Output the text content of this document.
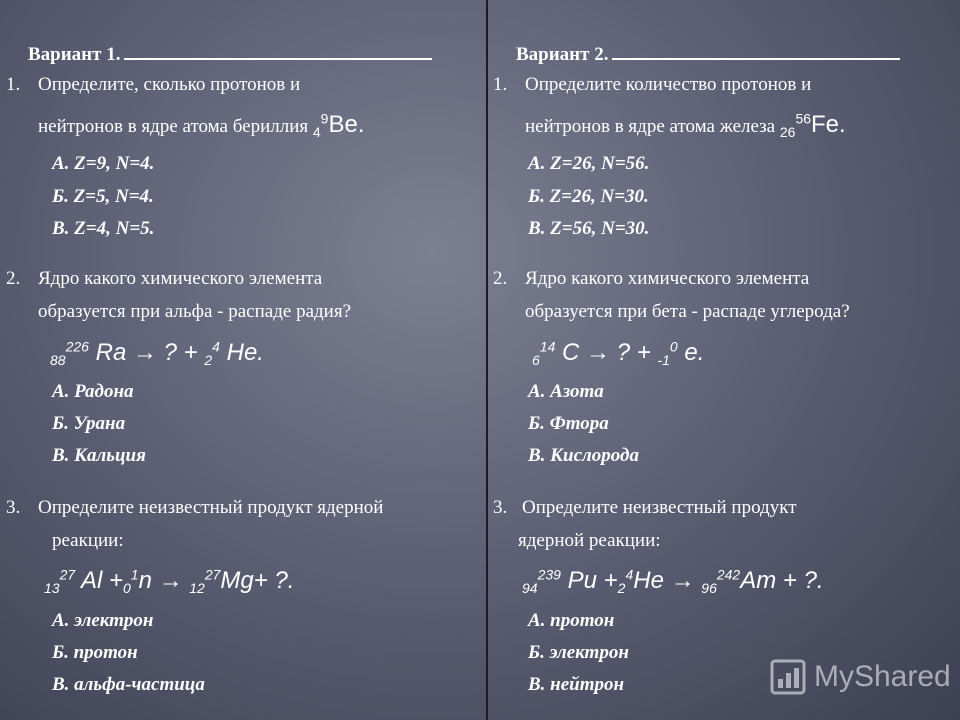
Вариант 1.
1. Определите, сколько протонов и
нейтронов в ядре атома бериллия $_4^9$Be.
А. Z=9, N=4.
Б. Z=5, N=4.
В. Z=4, N=5.
2. Ядро какого химического элемента
образуется при альфа - распаде радия?
$_{88}^{226}$ Ra → ? + $_2^4$ He.
А. Радона
Б. Урана
В. Кальция
3. Определите неизвестный продукт ядерной
реакции:
$_{13}^{27}$ $Al +_0^1n \to _{12}^{27}Mg+$ ?.
А. электрон
Б. протон
В. альфа-частица
Вариант 2.
1. Определите количество протонов и
нейтронов в ядре атома железа $_{26}^{56}$Fe.
А. Z=26, N=56.
Б. Z=26, N=30.
В. Z=56, N=30.
2. Ядро какого химического элемента
образуется при бета - распаде углерода?
$_6^{14}$ C → ? + $_{-1}^0$ e.
А. Азота
Б. Фтора
В. Кислорода
3. Определите неизвестный продукт
ядерной реакции:
$_{94}^{239}$ $Pu +_2^4He \to _{96}^{242}Am$ + ?.
А. протон
Б. электрон
В. нейтрон	MyShared
